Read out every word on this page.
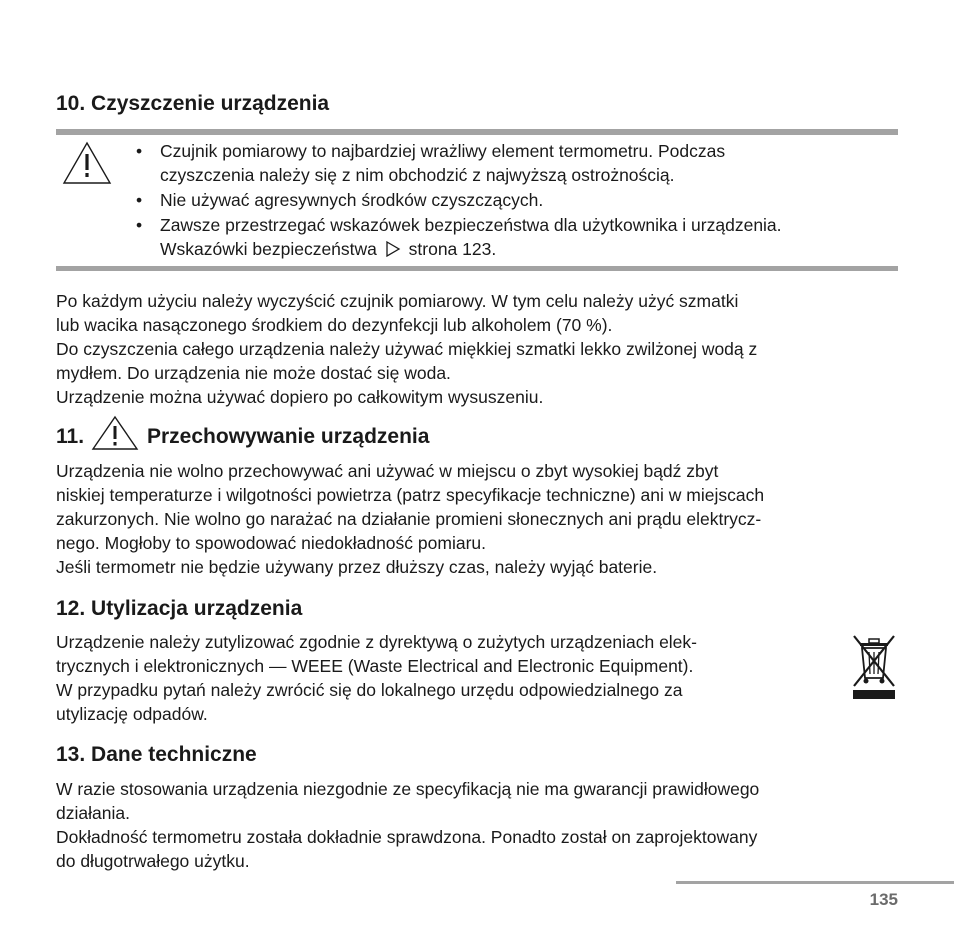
10. Czyszczenie urządzenia
• Czujnik pomiarowy to najbardziej wrażliwy element termometru. Podczas
czyszczenia należy się z nim obchodzić z najwyższą ostrożnością.
• Nie używać agresywnych środków czyszczących.
• Zawsze przestrzegać wskazówek bezpieczeństwa dla użytkownika i urządzenia.
Wskazówki bezpieczeństwa strona 123.
Po każdym użyciu należy wyczyścić czujnik pomiarowy. W tym celu należy użyć szmatki
lub wacika nasączonego środkiem do dezynfekcji lub alkoholem (70 %).
Do czyszczenia całego urządzenia należy używać miękkiej szmatki lekko zwilżonej wodą z
mydłem. Do urządzenia nie może dostać się woda.
Urządzenie można używać dopiero po całkowitym wysuszeniu.
11.	Przechowywanie urządzenia
Urządzenia nie wolno przechowywać ani używać w miejscu o zbyt wysokiej bądź zbyt
niskiej temperaturze i wilgotności powietrza (patrz specyfikacje techniczne) ani w miejscach
zakurzonych. Nie wolno go narażać na działanie promieni słonecznych ani prądu elektrycz-
nego. Mogłoby to spowodować niedokładność pomiaru.
Jeśli termometr nie będzie używany przez dłuższy czas, należy wyjąć baterie.
12. Utylizacja urządzenia
Urządzenie należy zutylizować zgodnie z dyrektywą o zużytych urządzeniach elek-
trycznych i elektronicznych — WEEE (Waste Electrical and Electronic Equipment).
W przypadku pytań należy zwrócić się do lokalnego urzędu odpowiedzialnego za
utylizację odpadów.
13. Dane techniczne
W razie stosowania urządzenia niezgodnie ze specyfikacją nie ma gwarancji prawidłowego
działania.
Dokładność termometru została dokładnie sprawdzona. Ponadto został on zaprojektowany
do długotrwałego użytku.
135
